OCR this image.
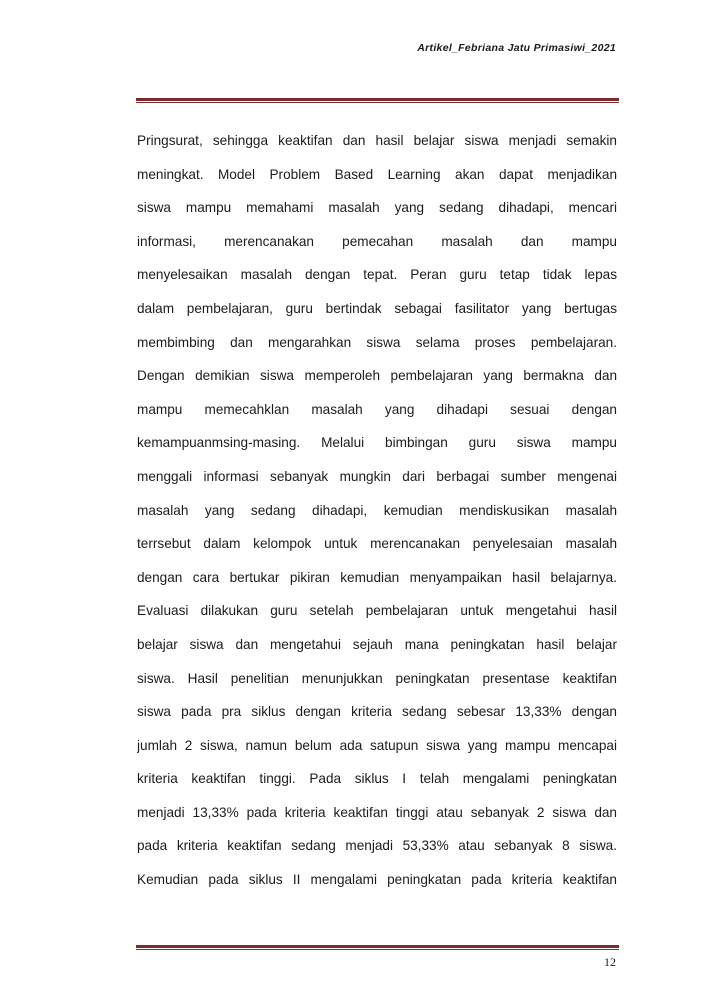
Artikel_Febriana Jatu Primasiwi_2021
Pringsurat, sehingga keaktifan dan hasil belajar siswa menjadi semakin
meningkat. Model Problem Based Learning akan dapat menjadikan
siswa mampu memahami masalah yang sedang dihadapi, mencari
informasi, merencanakan pemecahan masalah dan mampu
menyelesaikan masalah dengan tepat. Peran guru tetap tidak lepas
dalam pembelajaran, guru bertindak sebagai fasilitator yang bertugas
membimbing dan mengarahkan siswa selama proses pembelajaran.
Dengan demikian siswa memperoleh pembelajaran yang bermakna dan
mampu memecahklan masalah yang dihadapi sesuai dengan
kemampuanmsing-masing. Melalui bimbingan guru siswa mampu
menggali informasi sebanyak mungkin dari berbagai sumber mengenai
masalah yang sedang dihadapi, kemudian mendiskusikan masalah
terrsebut dalam kelompok untuk merencanakan penyelesaian masalah
dengan cara bertukar pikiran kemudian menyampaikan hasil belajarnya.
Evaluasi dilakukan guru setelah pembelajaran untuk mengetahui hasil
belajar siswa dan mengetahui sejauh mana peningkatan hasil belajar
siswa. Hasil penelitian menunjukkan peningkatan presentase keaktifan
siswa pada pra siklus dengan kriteria sedang sebesar 13,33% dengan
jumlah 2 siswa, namun belum ada satupun siswa yang mampu mencapai
kriteria keaktifan tinggi. Pada siklus I telah mengalami peningkatan
menjadi 13,33% pada kriteria keaktifan tinggi atau sebanyak 2 siswa dan
pada kriteria keaktifan sedang menjadi 53,33% atau sebanyak 8 siswa.
Kemudian pada siklus II mengalami peningkatan pada kriteria keaktifan
12
